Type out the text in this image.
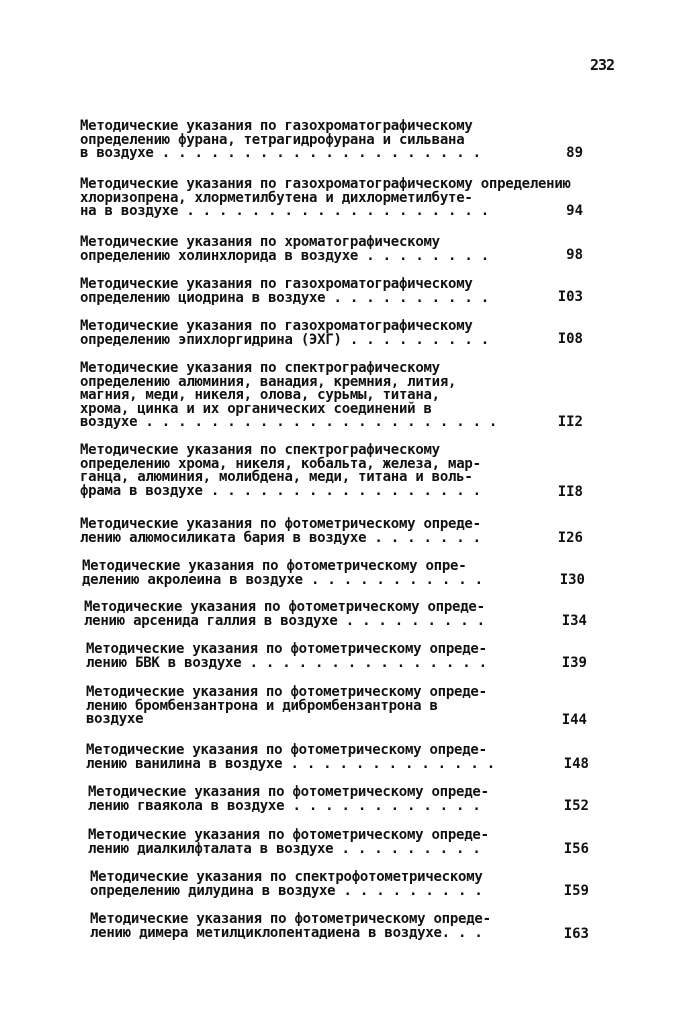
232

Методические указания по газохроматографическому
определению фурана, тетрагидрофурана и сильвана
в воздухе . . . . . . . . . . . . . . . . . . . .	89

Методические указания по газохроматографическому определению
хлоризопрена, хлорметилбутена и дихлорметилбуте-
на в воздухе . . . . . . . . . . . . . . . . . . .	94

Методические указания по хроматографическому
определению холинхлорида в воздухе . . . . . . . .	98

Методические указания по газохроматографическому
определению циодрина в воздухе . . . . . . . . . .	I03

Методические указания по газохроматографическому
определению эпихлоргидрина (ЭХГ) . . . . . . . . .	I08

Методические указания по спектрографическому
определению алюминия, ванадия, кремния, лития,
магния, меди, никеля, олова, сурьмы, титана,
хрома, цинка и их органических соединений в
воздухе . . . . . . . . . . . . . . . . . . . . . .	II2

Методические указания по спектрографическому
определению хрома, никеля, кобальта, железа, мар-
ганца, алюминия, молибдена, меди, титана и воль-
фрама в воздухе . . . . . . . . . . . . . . . . .	II8

Методические указания по фотометрическому опреде-
лению алюмосиликата бария в воздухе . . . . . . .	I26

Методические указания по фотометрическому опре-
делению акролеина в воздухе . . . . . . . . . . .	I30

Методические указания по фотометрическому опреде-
лению арсенида галлия в воздухе . . . . . . . . .	I34

Методические указания по фотометрическому опреде-
лению БВК в воздухе . . . . . . . . . . . . . . .	I39

Методические указания по фотометрическому опреде-
лению бромбензантрона и дибромбензантрона в
воздухе	I44

Методические указания по фотометрическому опреде-
лению ванилина в воздухе . . . . . . . . . . . . .	I48

Методические указания по фотометрическому опреде-
лению гваякола в воздухе . . . . . . . . . . . .	I52

Методические указания по фотометрическому опреде-
лению диалкилфталата в воздухе . . . . . . . . .	I56

Методические указания по спектрофотометрическому
определению дилудина в воздухе . . . . . . . . .	I59

Методические указания по фотометрическому опреде-
лению димера метилциклопентадиена в воздухе. . .	I63
